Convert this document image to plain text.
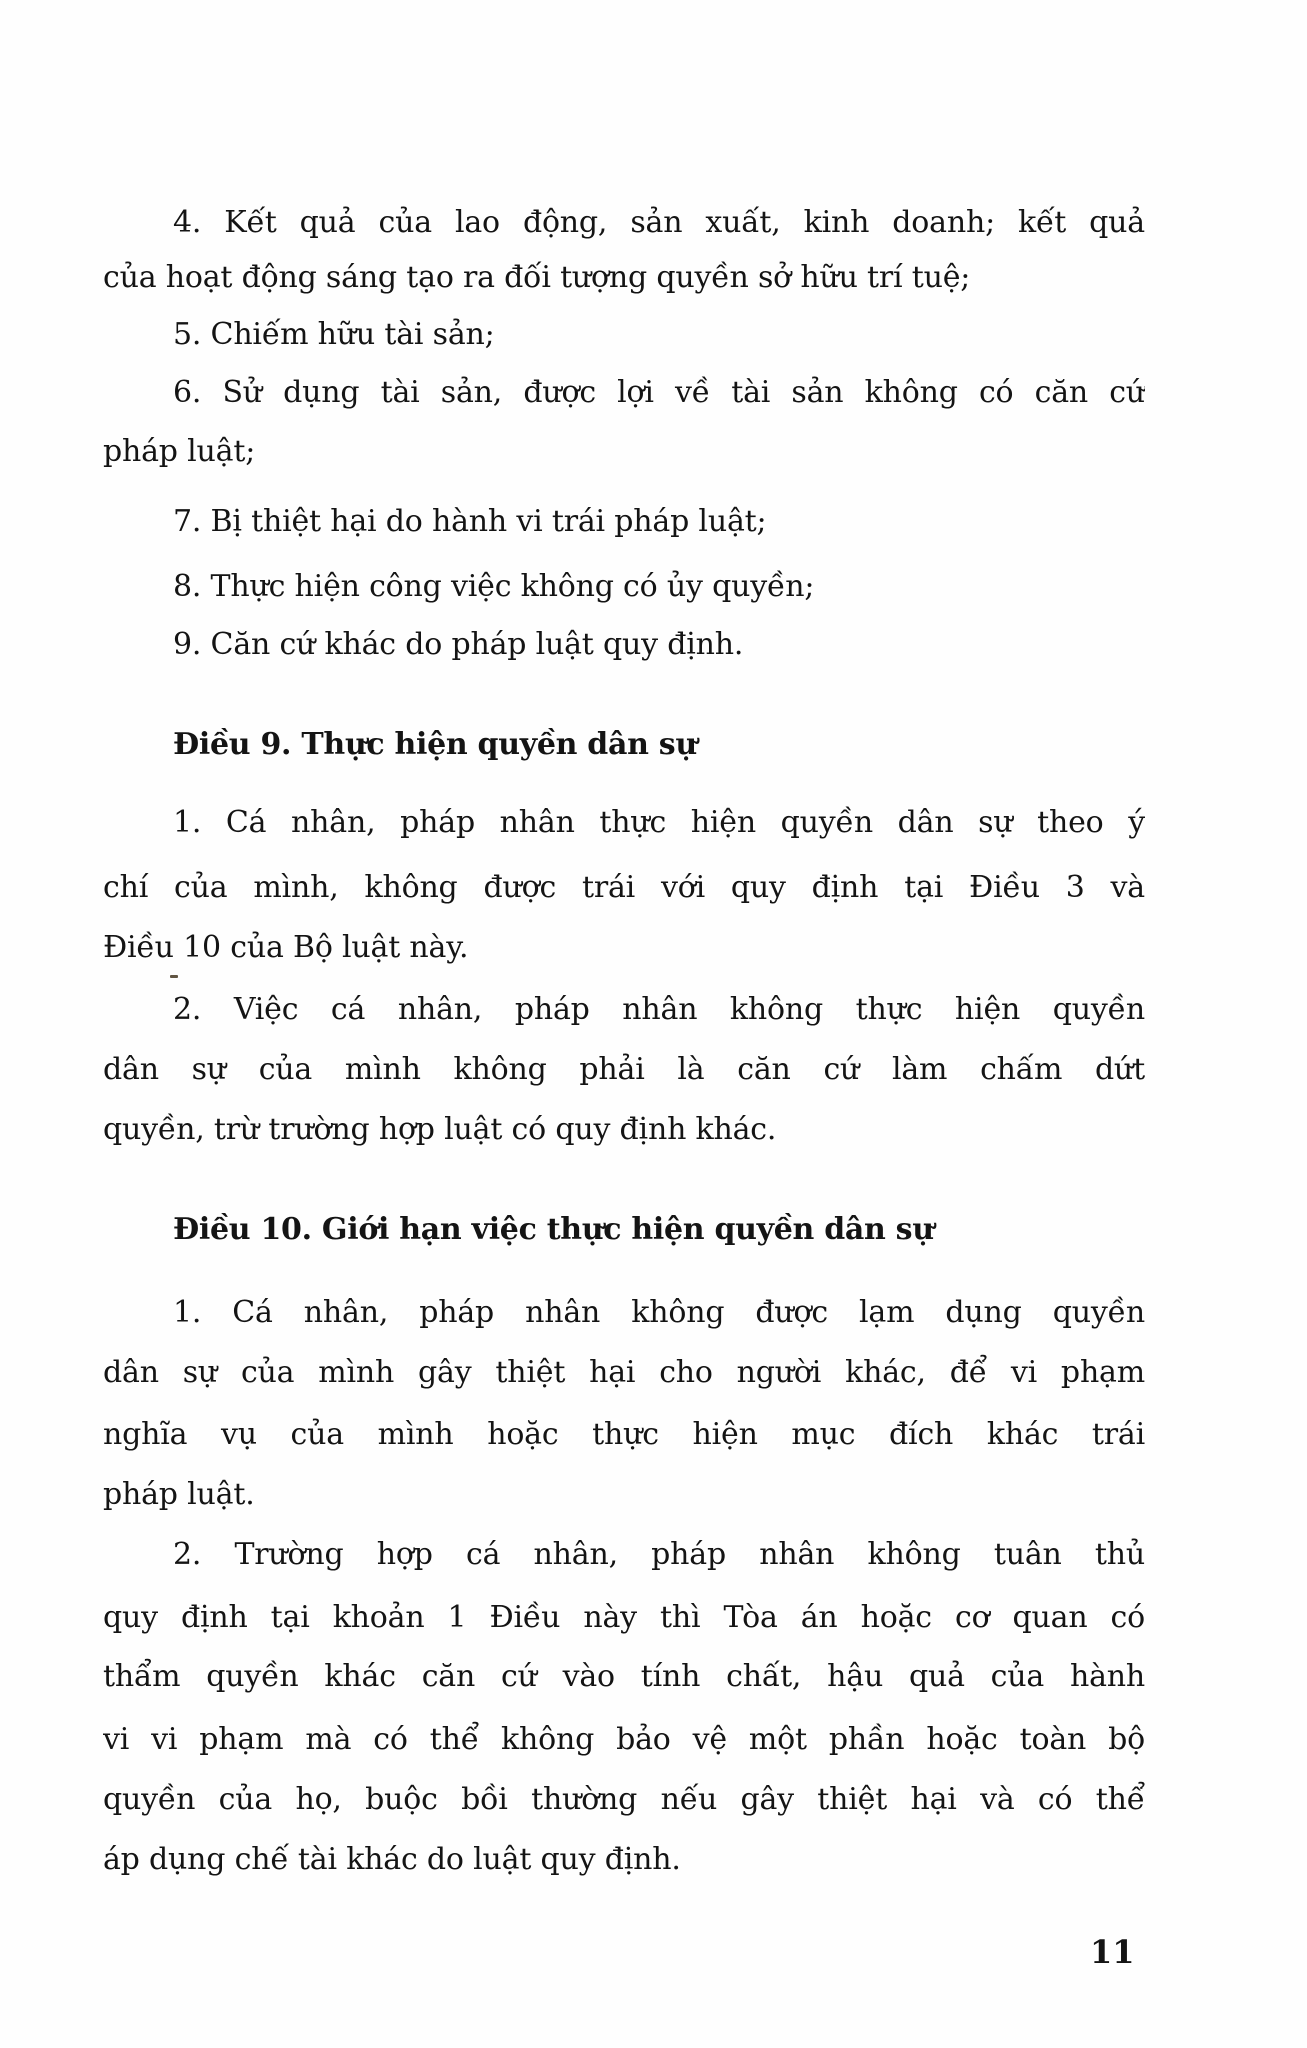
4. Kết quả của lao động, sản xuất, kinh doanh; kết quả
của hoạt động sáng tạo ra đối tượng quyền sở hữu trí tuệ;
5. Chiếm hữu tài sản;
6. Sử dụng tài sản, được lợi về tài sản không có căn cứ
pháp luật;
7. Bị thiệt hại do hành vi trái pháp luật;
8. Thực hiện công việc không có ủy quyền;
9. Căn cứ khác do pháp luật quy định.
Điều 9. Thực hiện quyền dân sự
1. Cá nhân, pháp nhân thực hiện quyền dân sự theo ý
chí của mình, không được trái với quy định tại Điều 3 và
Điều 10 của Bộ luật này.
2. Việc cá nhân, pháp nhân không thực hiện quyền
dân sự của mình không phải là căn cứ làm chấm dứt
quyền, trừ trường hợp luật có quy định khác.
Điều 10. Giới hạn việc thực hiện quyền dân sự
1. Cá nhân, pháp nhân không được lạm dụng quyền
dân sự của mình gây thiệt hại cho người khác, để vi phạm
nghĩa vụ của mình hoặc thực hiện mục đích khác trái
pháp luật.
2. Trường hợp cá nhân, pháp nhân không tuân thủ
quy định tại khoản 1 Điều này thì Tòa án hoặc cơ quan có
thẩm quyền khác căn cứ vào tính chất, hậu quả của hành
vi vi phạm mà có thể không bảo vệ một phần hoặc toàn bộ
quyền của họ, buộc bồi thường nếu gây thiệt hại và có thể
áp dụng chế tài khác do luật quy định.
11
